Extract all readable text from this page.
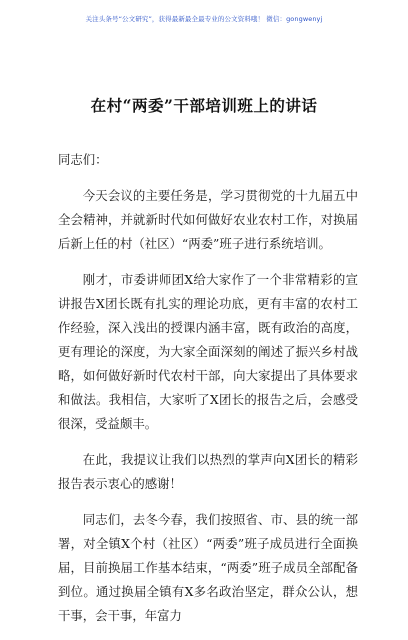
关注头条号“公文研究”，获得最新最全最专业的公文资料哦！ 微信：gongwenyj
在村“两委”干部培训班上的讲话

同志们：

今天会议的主要任务是，学习贯彻党的十九届五中全会精神，并就新时代如何做好农业农村工作，对换届后新上任的村（社区）“两委”班子进行系统培训。

刚才，市委讲师团X给大家作了一个非常精彩的宣讲报告X团长既有扎实的理论功底，更有丰富的农村工作经验，深入浅出的授课内涵丰富，既有政治的高度，更有理论的深度，为大家全面深刻的阐述了振兴乡村战略，如何做好新时代农村干部，向大家提出了具体要求和做法。我相信，大家听了X团长的报告之后，会感受很深，受益颇丰。

在此，我提议让我们以热烈的掌声向X团长的精彩报告表示衷心的感谢！

同志们，去冬今春，我们按照省、市、县的统一部署，对全镇X个村（社区）“两委”班子成员进行全面换届，目前换届工作基本结束，“两委”班子成员全部配备到位。通过换届全镇有X多名政治坚定，群众公认，想干事，会干事，年富力
